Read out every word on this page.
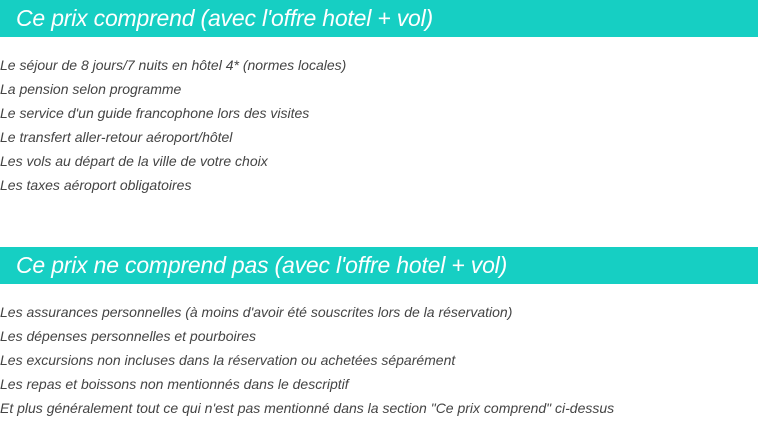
Ce prix comprend (avec l'offre hotel + vol)
Le séjour de 8 jours/7 nuits en hôtel 4* (normes locales)
La pension selon programme
Le service d'un guide francophone lors des visites
Le transfert aller-retour aéroport/hôtel
Les vols au départ de la ville de votre choix
Les taxes aéroport obligatoires
Ce prix ne comprend pas (avec l'offre hotel + vol)
Les assurances personnelles (à moins d'avoir été souscrites lors de la réservation)
Les dépenses personnelles et pourboires
Les excursions non incluses dans la réservation ou achetées séparément
Les repas et boissons non mentionnés dans le descriptif
Et plus généralement tout ce qui n'est pas mentionné dans la section "Ce prix comprend" ci-dessus
